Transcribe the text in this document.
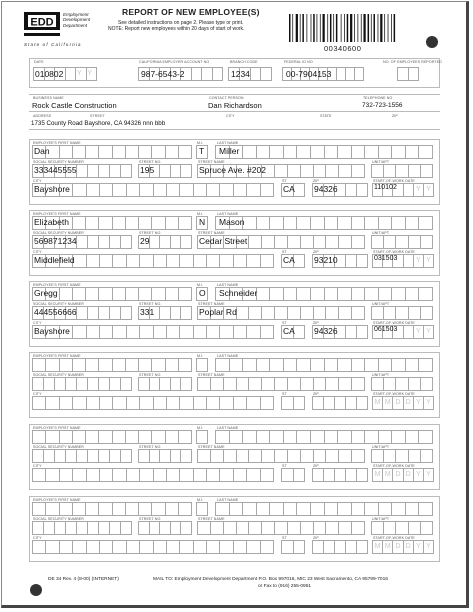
EDD
Employment
Development
Department
State of California
REPORT OF NEW EMPLOYEE(S)
See detailed instructions on page 2. Please type or print.
NOTE: Report new employees within 20 days of start of work.
00340600
DATE
010802 Y Y
CALIFORNIA EMPLOYER ACCOUNT NO
987-6543-2
BRANCH CODE
1234
FEDERAL ID NO
00-7904153
NO. OF EMPLOYEES REPORTED
BUSINESS NAME
Rock Castle Construction
CONTACT PERSON
Dan Richardson
TELEPHONE NO
732-723-1556
ADDRESS	STREET	CITY	STATE	ZIP
1735 County Road Bayshore, CA 94326 nnn bbb
EMPLOYEE'S FIRST NAME
Dan
M.I.
T
LAST NAME
Miller
SOCIAL SECURITY NUMBER
333445555
STREET NO.
195
STREET NAME
Spruce Ave. #202
UNIT/APT
CITY
Bayshore
ST
CA
ZIP
94326
START-OF-WORK DATE
Y Y
110102
EMPLOYEE'S FIRST NAME
Elizabeth
M.I.
N
LAST NAME
Mason
SOCIAL SECURITY NUMBER
569871234
STREET NO.
29
STREET NAME
Cedar Street
UNIT/APT
CITY
Middlefield
ST
CA
ZIP
93210
START-OF-WORK DATE
Y Y
031503
EMPLOYEE'S FIRST NAME
Gregg
M.I.
O
LAST NAME
Schneider
SOCIAL SECURITY NUMBER
444556666
STREET NO.
331
STREET NAME
Poplar Rd
UNIT/APT
CITY
Bayshore
ST
CA
ZIP
94326
START-OF-WORK DATE
Y Y
061503
EMPLOYEE'S FIRST NAME	M.I.	LAST NAME
SOCIAL SECURITY NUMBER	STREET NO.	STREET NAME	UNIT/APT
CITY	ST	ZIP	START-OF-WORK DATE
M M D D Y Y
EMPLOYEE'S FIRST NAME	M.I.	LAST NAME
SOCIAL SECURITY NUMBER	STREET NO.	STREET NAME	UNIT/APT
CITY	ST	ZIP	START-OF-WORK DATE
M M D D Y Y
EMPLOYEE'S FIRST NAME	M.I.	LAST NAME
SOCIAL SECURITY NUMBER	STREET NO.	STREET NAME	UNIT/APT
CITY	ST	ZIP	START-OF-WORK DATE
M M D D Y Y
DE 34 Rev. 4 (8-00) (INTERNET)	MAIL TO: Employment Development Department P.O. Box 997016, MIC 23 West Sacramento, CA 95799-7016
or Fax to (916) 255-0951
